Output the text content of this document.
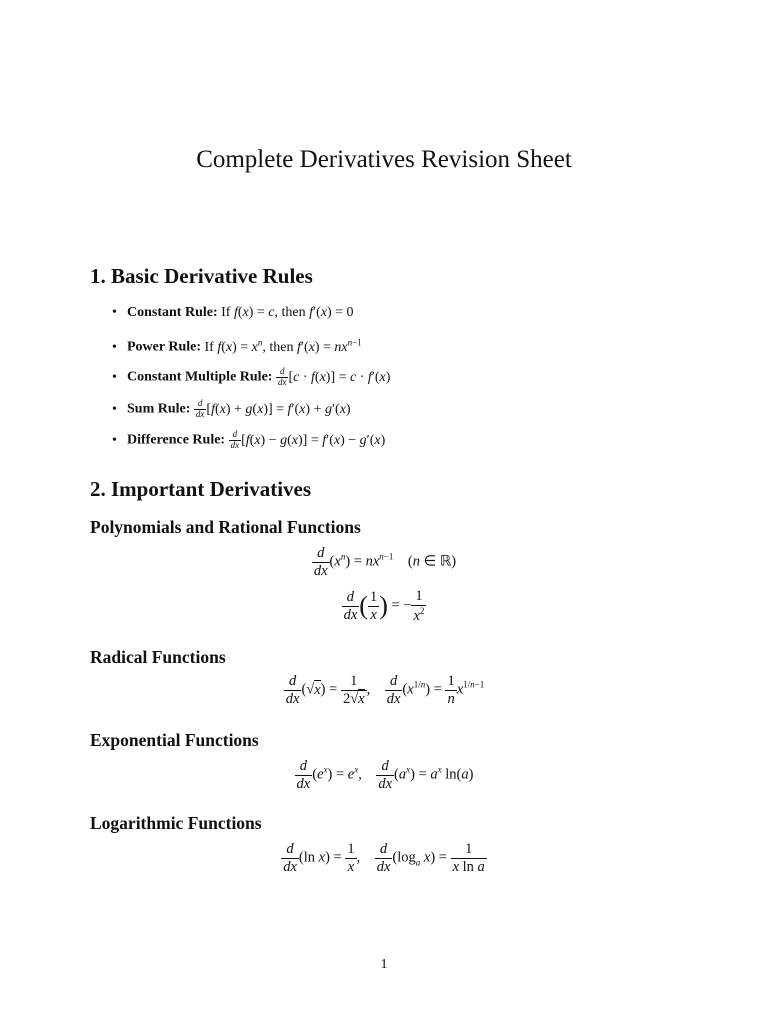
Complete Derivatives Revision Sheet
1. Basic Derivative Rules
• Constant Rule: If f(x) = c, then f′(x) = 0
• Power Rule: If $f(x) = x^n$, then $f'(x) = nx^{n-1}$
• Constant Multiple Rule: $\frac{d}{dx} [c \cdot f(x)] = c \cdot f'(x)$
• Sum Rule: $\frac{d}{dx} [f(x) + g(x)] = f'(x) + g'(x)$
• Difference Rule: $\frac{d}{dx} [f(x) - g(x)] = f'(x) - g'(x)$
2. Important Derivatives
Polynomials and Rational Functions
$\frac{d}{dx} (x^n) = nx^{n-1}$    (n ∈ ℝ)
$\frac{d}{dx}$ ( $\frac{1}{x}$ ) = − $\frac{1}{x^2}$
Radical Functions
$\frac{d}{dx} (√x) = \frac{1}{2√x}$ , $\frac{d}{dx} (x^{1/n}) = \frac{1}{n} x^{1/n-1}$
Exponential Functions
$\frac{d}{dx} (e^x) = e^x$, $\frac{d}{dx} (a^x) = a^x$ ln(a)
Logarithmic Functions
$\frac{d}{dx} (\ln$ $x) = \frac{1}{x}$ , $\frac{d}{dx} (\log_a$ $x) = \frac{1}{\text{x ln a}}$
1
